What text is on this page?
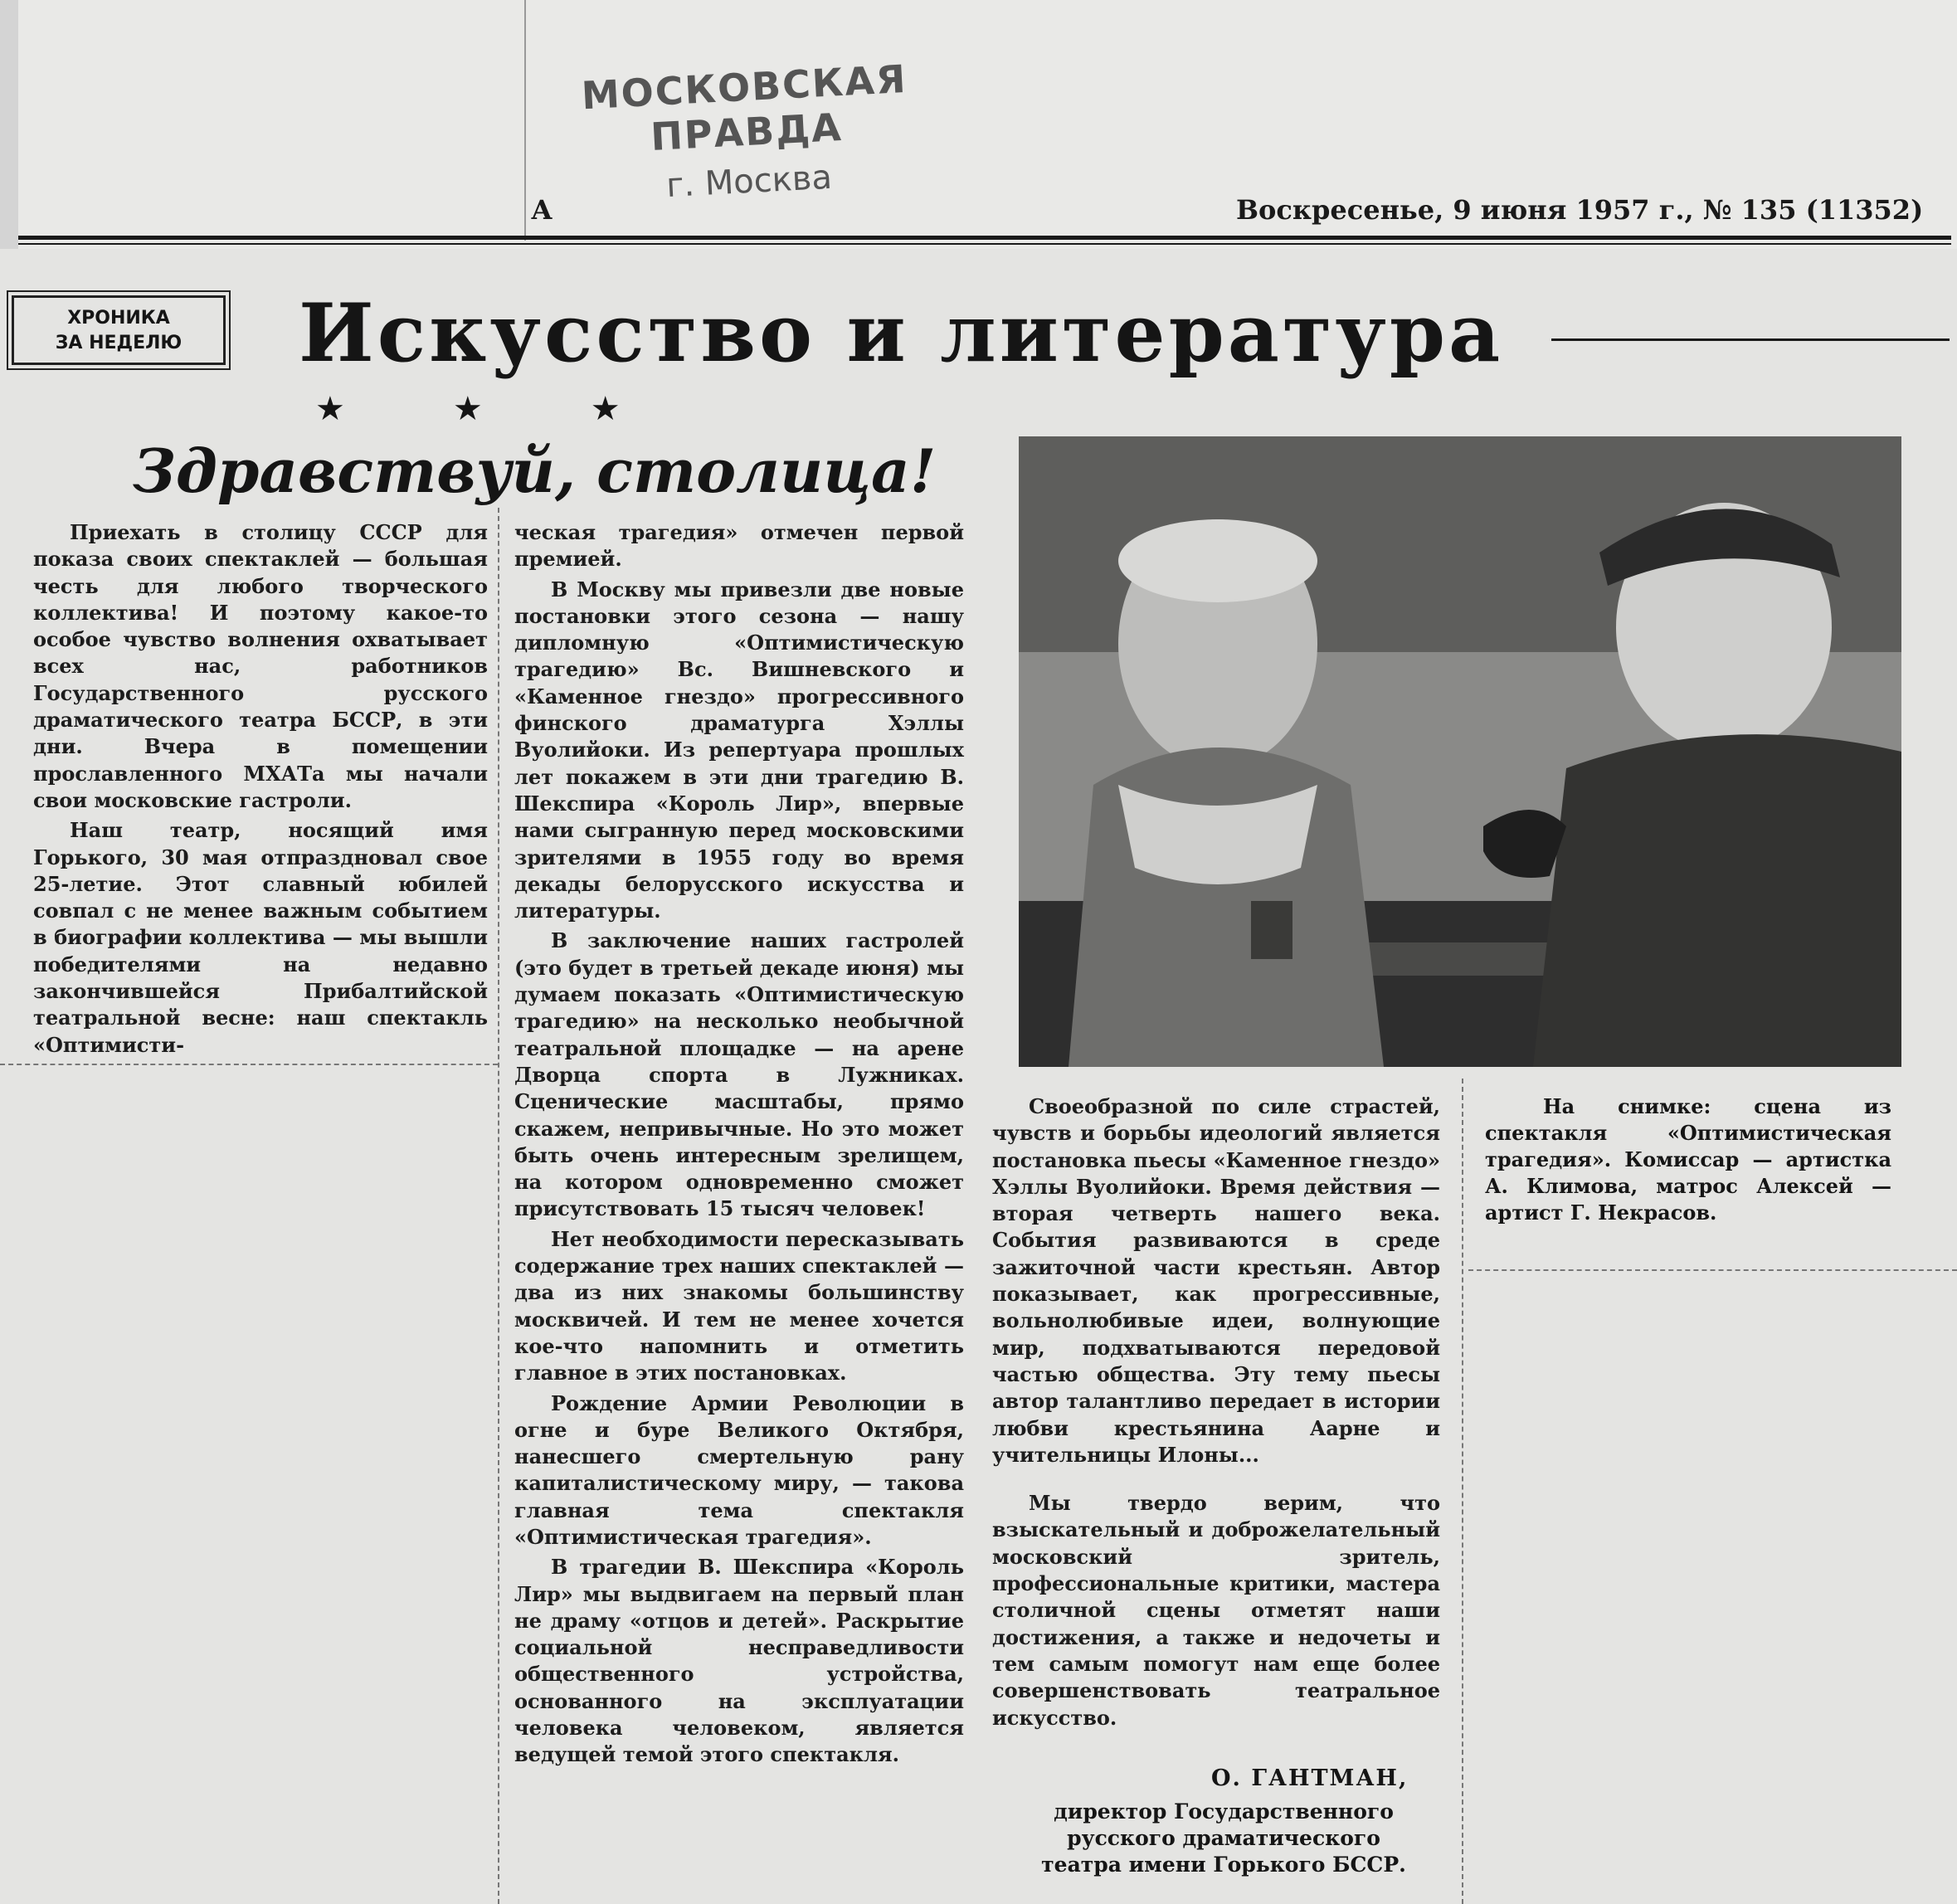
МОСКОВСКАЯ ПРАВДА
г. Москва
А	Воскресенье, 9 июня 1957 г., № 135 (11352)
ХРОНИКА
ЗА НЕДЕЛЮ	Искусство и литература
★★★
Здравствуй, столица!

Приехать в столицу СССР для показа своих спектаклей — большая честь для любого творческого коллектива! И поэтому какое-то особое чувство волнения охватывает всех нас, работников Государственного русского драматического театра БССР, в эти дни. Вчера в помещении прославленного МХАТа мы начали свои московские гастроли.

Наш театр, носящий имя Горького, 30 мая отпраздновал свое 25-летие. Этот славный юбилей совпал с не менее важным событием в биографии коллектива — мы вышли победителями на недавно закончившейся Прибалтийской театральной весне: наш спектакль «Оптимисти-

ческая трагедия» отмечен первой премией.

В Москву мы привезли две новые постановки этого сезона — нашу дипломную «Оптимистическую трагедию» Вс. Вишневского и «Каменное гнездо» прогрессивного финского драматурга Хэллы Вуолийоки. Из репертуара прошлых лет покажем в эти дни трагедию В. Шекспира «Король Лир», впервые нами сыгранную перед московскими зрителями в 1955 году во время декады белорусского искусства и литературы.

В заключение наших гастролей (это будет в третьей декаде июня) мы думаем показать «Оптимистическую трагедию» на несколько необычной театральной площадке — на арене Дворца спорта в Лужниках. Сценические масштабы, прямо скажем, непривычные. Но это может быть очень интересным зрелищем, на котором одновременно сможет присутствовать 15 тысяч человек!

Нет необходимости пересказывать содержание трех наших спектаклей — два из них знакомы большинству москвичей. И тем не менее хочется кое-что напомнить и отметить главное в этих постановках.

Рождение Армии Революции в огне и буре Великого Октября, нанесшего смертельную рану капиталистическому миру, — такова главная тема спектакля «Оптимистическая трагедия».

В трагедии В. Шекспира «Король Лир» мы выдвигаем на первый план не драму «отцов и детей». Раскрытие социальной несправедливости общественного устройства, основанного на эксплуатации человека человеком, является ведущей темой этого спектакля.

Своеобразной по силе страстей, чувств и борьбы идеологий является постановка пьесы «Каменное гнездо» Хэллы Вуолийоки. Время действия — вторая четверть нашего века. События развиваются в среде зажиточной части крестьян. Автор показывает, как прогрессивные, вольнолюбивые идеи, волнующие мир, подхватываются передовой частью общества. Эту тему пьесы автор талантливо передает в истории любви крестьянина Аарне и учительницы Илоны...

Мы твердо верим, что взыскательный и доброжелательный московский зритель, профессиональные критики, мастера столичной сцены отметят наши достижения, а также и недочеты и тем самым помогут нам еще более совершенствовать театральное искусство.

На снимке: сцена из спектакля «Оптимистическая трагедия». Комиссар — артистка А. Климова, матрос Алексей — артист Г. Некрасов.

О. ГАНТМАН,
директор Государственного русского драматического театра имени Горького БССР.
